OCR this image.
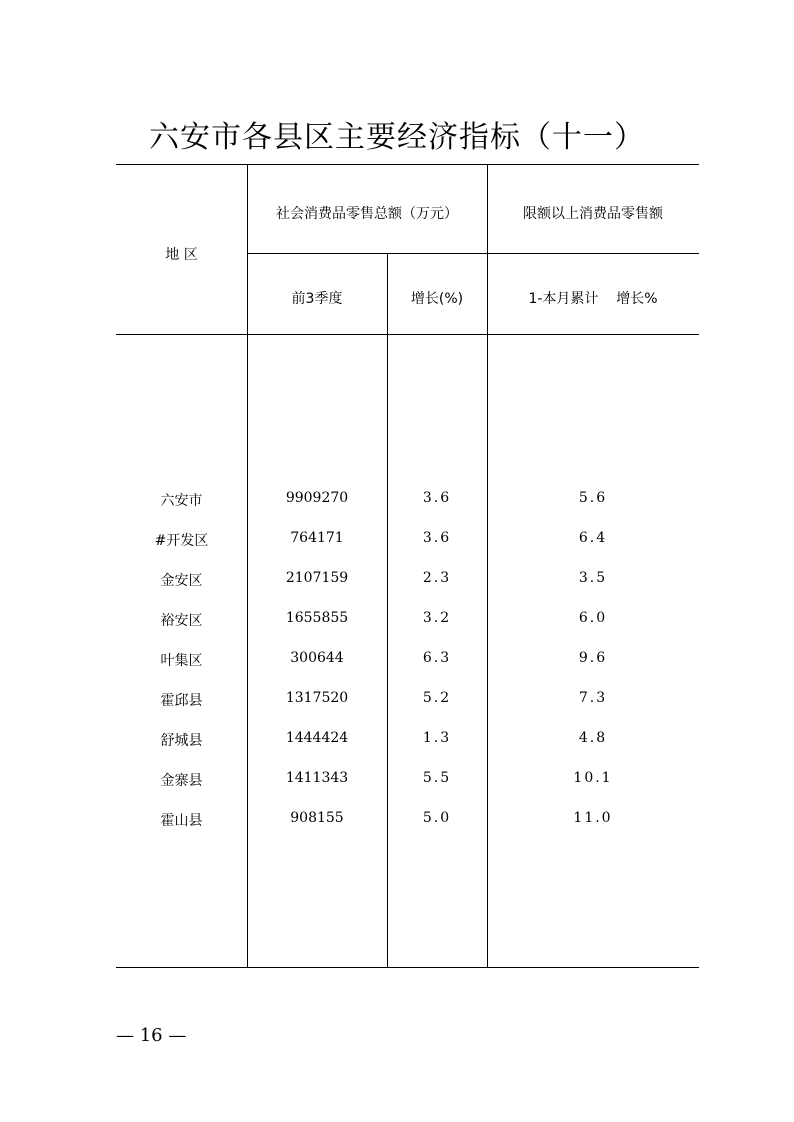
六安市各县区主要经济指标（十一）
地 区
社会消费品零售总额（万元）	限额以上消费品零售额
前3季度	增长(%)	1-本月累计    增长%
六安市	9909270	3.6	5.6
#开发区	764171	3.6	6.4
金安区	2107159	2.3	3.5
裕安区	1655855	3.2	6.0
叶集区	300644	6.3	9.6
霍邱县	1317520	5.2	7.3
舒城县	1444424	1.3	4.8
金寨县	1411343	5.5	10.1
霍山县	908155	5.0	11.0
— 16 —
